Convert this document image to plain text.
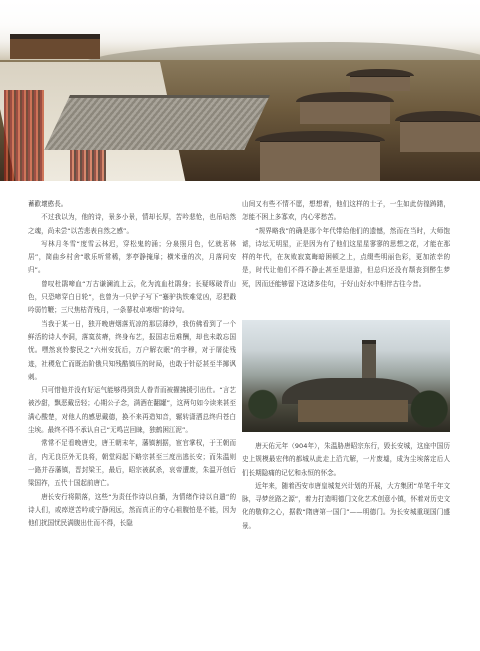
蓄歡壞憨長。

不过我以为，他的诗，景多小景，情却长厚，苦吟悲怆，也吊唁然之魂，尚未尝“以苦悲表自然之感”。

写林月冬雪“度雪云林迟，穿松鬼的涌；分泉照月色，忆就茗林居”，简曲乡村舍“歌乐听常稀，茅亭静掩扉；横米垂的次，月落问安归”。

曾叹杜鹃啼血“万古谦澜流上云，化为流血杜鹃身；长疑啄破青山色，只恐啼穿白日轮”，也曾为一只铲子写下“蹇驴执铁难觉凶，忍把戳吟弱竹鞭；三尺焦枯背残月，一条蓼杖卓寒烟”的诗句。

当我于某一日，独开晚唐烟落荒凉的那层薄纱，我仿佛看到了一个鲜活的诗人李洞，落寞贫瘠，终身布艺，报国志岳难酬，却也未敢忘国忧。嘿然哀怜黎民之“六州安抚后，万户解衣眠”的宇穆，对于屠徒残迹，社稷危亡而既治阶俄只知残酷镇压的时局，也敢于针砭甚至半揶讽刺。

只可惜他并没有好运气能够得到贵人眷青而被擢拂援引出仕。“言艺被沙甜，飘恶戴岳轻；心期公子念，满酒在翻罐”，这两句如今读来甚至满心酸楚，对他人的感思戴德，换不来再造知音，辗转潇洒总终归苍白尘埃。最终不得不承认自己“无鸣岂回睐，独鹤困江泥”。

常常不足看晚唐史，唐王朝末年，藩镇割据，宦官掌权，于王朝而言，内无良臣外无良将，朝堂闷起下略宗甚至三度出逃长安；而朱温则一路并吞藩镇，晋封梁王，最后，昭宗被弑杀，哀帝遭废，朱温开创后梁国祚，五代十国起前唐亡。

唐长安行将陨落，这些“为责任作诗以自播，为情绪作诗以自遣”的诗人们，或瘁逆苦吟或宁静闲远，然而真正的守心祖腹怕是不能，因为他们扰国忧民满腹出仕而不得，长隐

山间又有些不情不愿，想想着，他们这样的士子，一生如此仿徨踌躇，怎能不困上多寡欢，内心零愁苦。

“规界略我”的确是那个年代带给他们的遗憾，然而在当时，大师饱谑，诗坛无明星，正是因为有了他们这星星寥寥的思想之花，才能在那样的年代，在灰败寂寞晦暗困顿之上，点缀些明丽色彩，更加浓幸的是，时代让他们不得不静止甚至是退游，但总归还没有颓丧到醉生梦死，因而还能够留下这诸多佳句，于好山好水中相伴古往今昔。

唐天佑元年（904年），朱温胁唐昭宗东行，毁长安城，这座中国历史上规模最宏伟的都城从此走上沿亢解，一片废墟，成为尘埃落定后人们长期隐痛的记忆和永恒的怀念。

近年来，随着西安市唐皇城复兴计划的开展，大方集团“单笔千年文脉，寻梦丝路之源”，着力打造明德门文化艺术创意小镇，怀着对历史文化的敬仰之心，据救“隋唐第一国门”——明德门。为长安城重现国门盛景。
